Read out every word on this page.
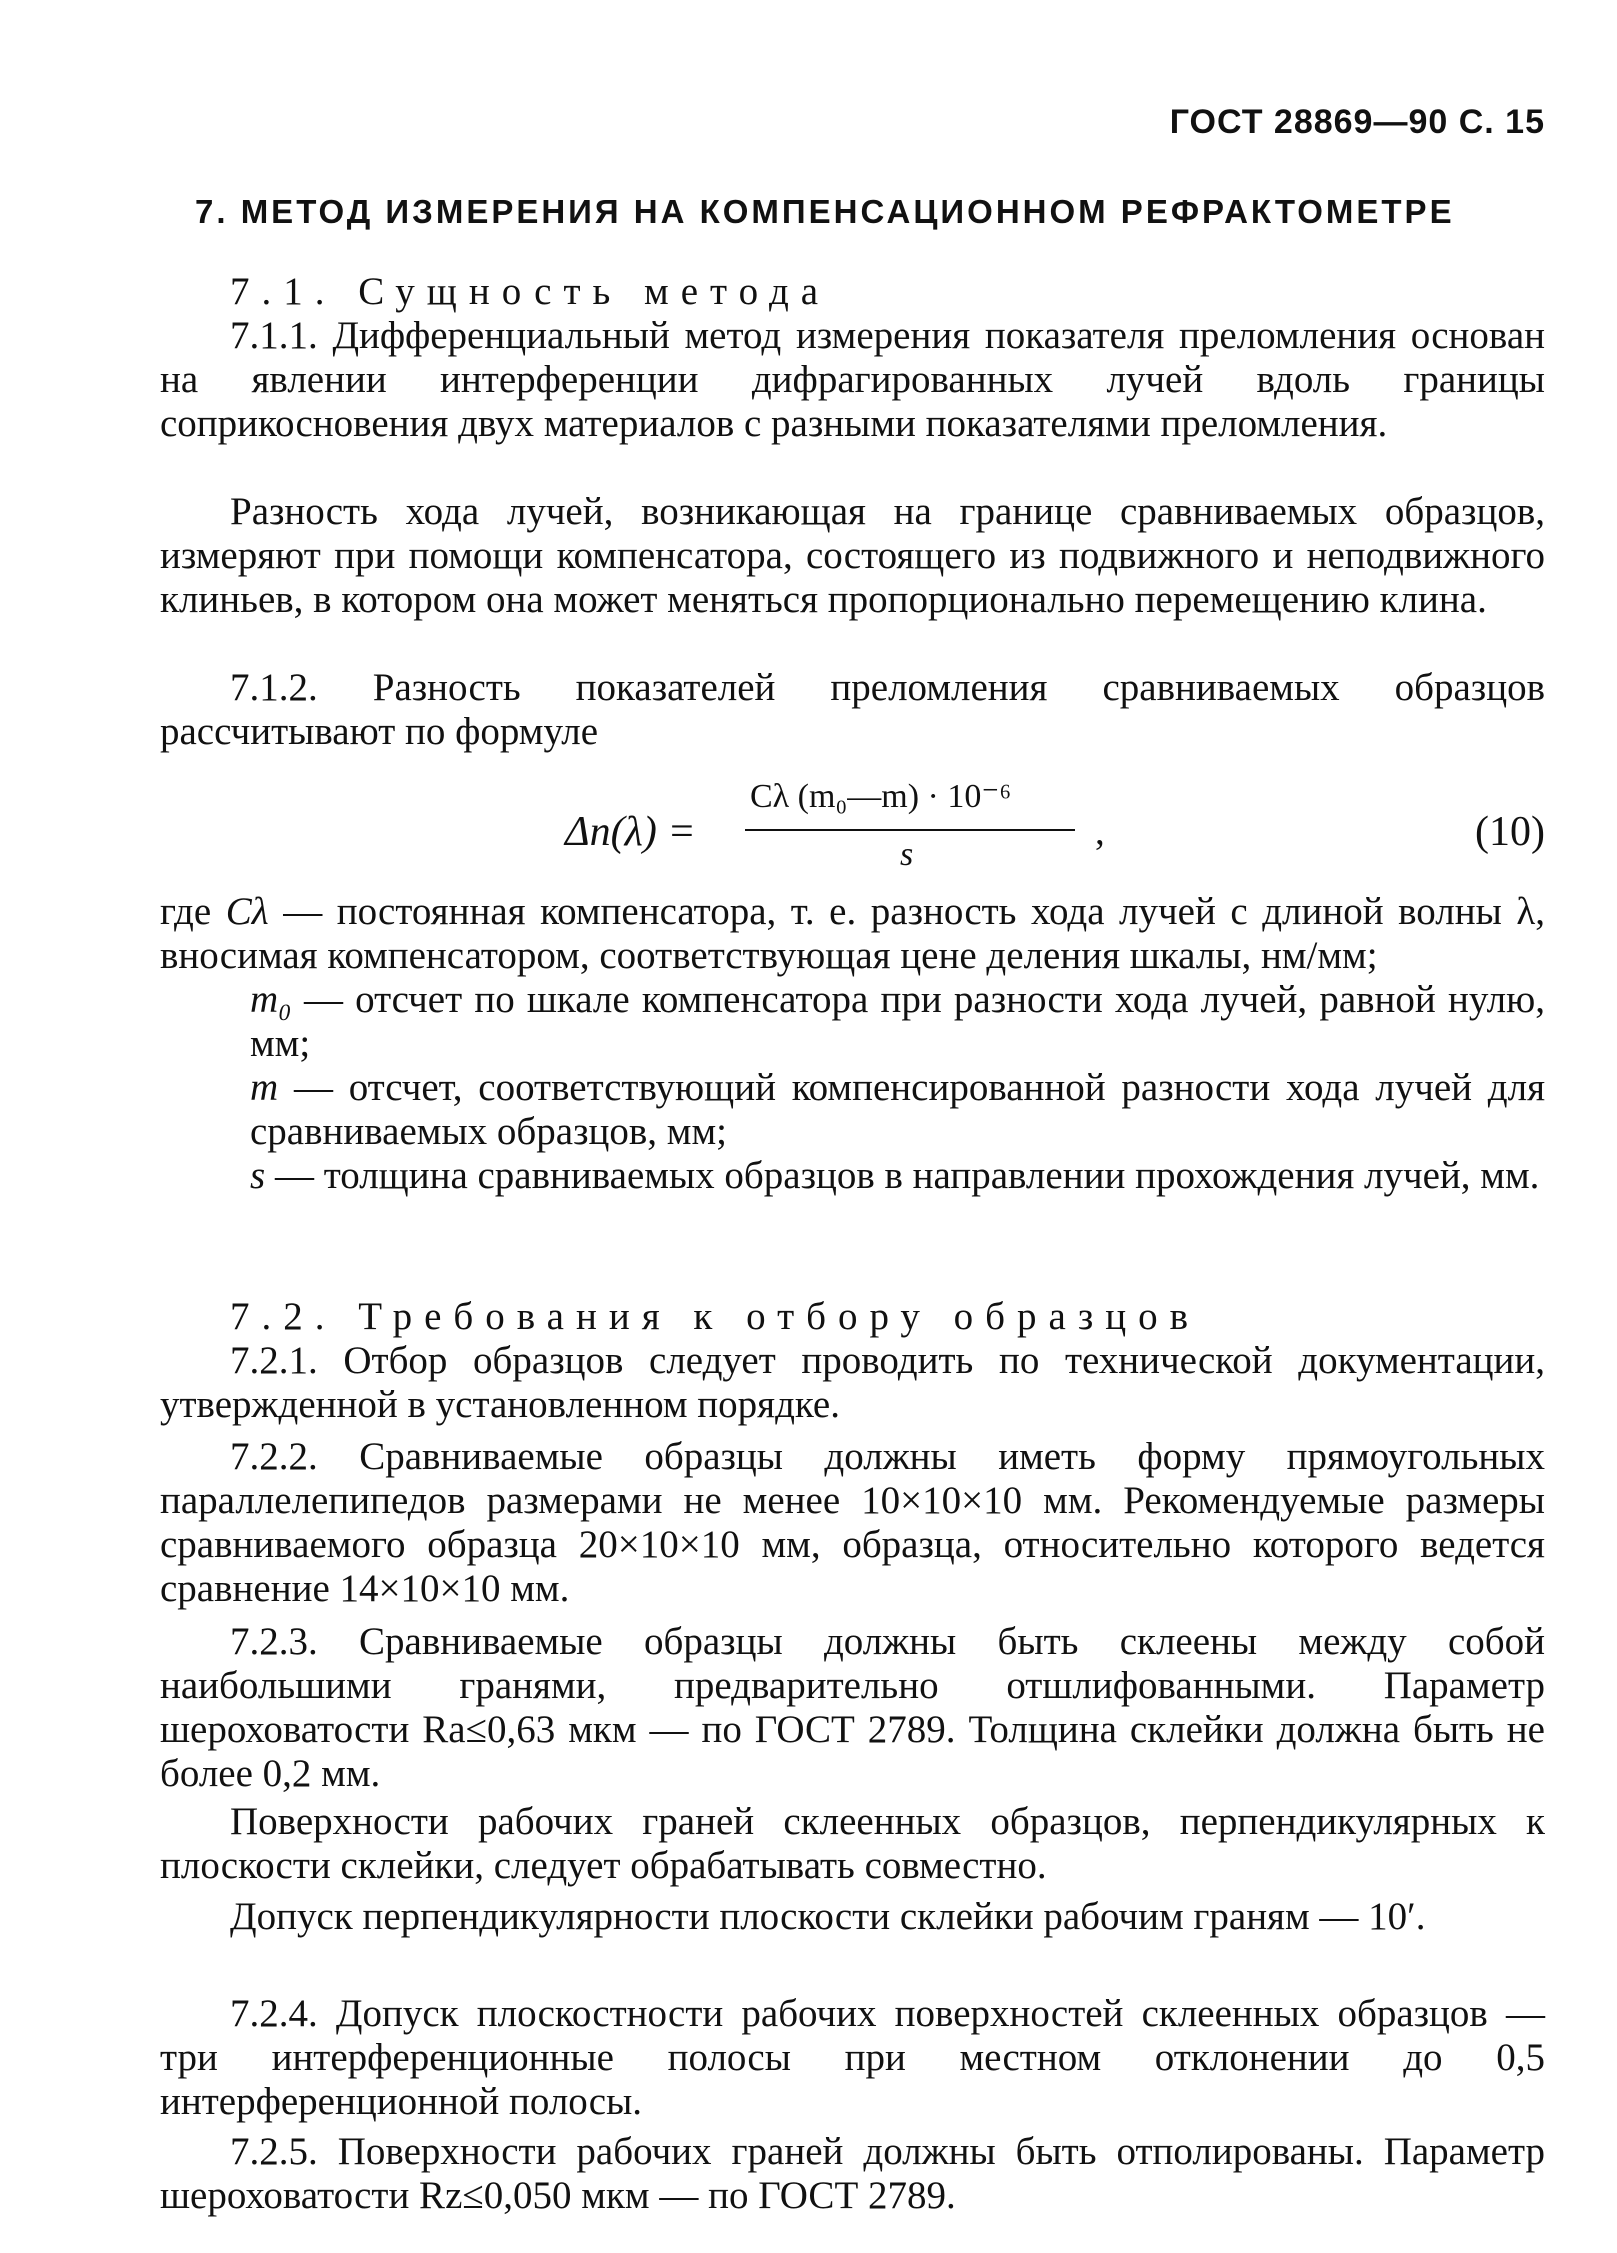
ГОСТ 28869—90 С. 15
7. МЕТОД ИЗМЕРЕНИЯ НА КОМПЕНСАЦИОННОМ РЕФРАКТОМЕТРЕ
7.1. Сущность метода
7.1.1. Дифференциальный метод измерения показателя преломления основан на явлении интерференции дифрагированных лучей вдоль границы соприкосновения двух материалов с разными показателями преломления.
Разность хода лучей, возникающая на границе сравниваемых образцов, измеряют при помощи компенсатора, состоящего из подвижного и неподвижного клиньев, в котором она может меняться пропорционально перемещению клина.
7.1.2. Разность показателей преломления сравниваемых образцов рассчитывают по формуле
Δn(λ) =
Cλ (m₀—m) · 10⁻⁶
s
,	(10)
где Cλ — постоянная компенсатора, т. е. разность хода лучей с длиной волны λ, вносимая компенсатором, соответствующая цене деления шкалы, нм/мм;
m₀ — отсчет по шкале компенсатора при разности хода лучей, равной нулю, мм;
m — отсчет, соответствующий компенсированной разности хода лучей для сравниваемых образцов, мм;
s — толщина сравниваемых образцов в направлении прохождения лучей, мм.
7.2. Требования к отбору образцов
7.2.1. Отбор образцов следует проводить по технической документации, утвержденной в установленном порядке.
7.2.2. Сравниваемые образцы должны иметь форму прямоугольных параллелепипедов размерами не менее 10×10×10 мм. Рекомендуемые размеры сравниваемого образца 20×10×10 мм, образца, относительно которого ведется сравнение 14×10×10 мм.
7.2.3. Сравниваемые образцы должны быть склеены между собой наибольшими гранями, предварительно отшлифованными. Параметр шероховатости Ra≤0,63 мкм — по ГОСТ 2789. Толщина склейки должна быть не более 0,2 мм.
Поверхности рабочих граней склеенных образцов, перпендикулярных к плоскости склейки, следует обрабатывать совместно.
Допуск перпендикулярности плоскости склейки рабочим граням — 10′.
7.2.4. Допуск плоскостности рабочих поверхностей склеенных образцов — три интерференционные полосы при местном отклонении до 0,5 интерференционной полосы.
7.2.5. Поверхности рабочих граней должны быть отполированы. Параметр шероховатости Rz≤0,050 мкм — по ГОСТ 2789.
